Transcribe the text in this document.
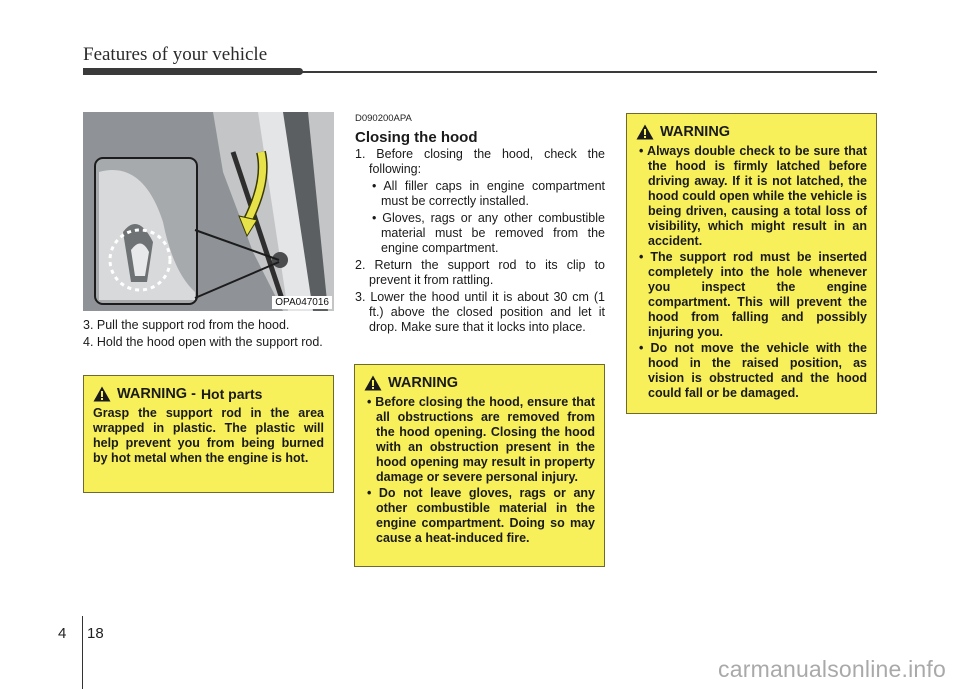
Features of your vehicle
OPA047016

3. Pull the support rod from the hood.

4. Hold the hood open with the support rod.

WARNING - Hot parts
Grasp the support rod in the area wrapped in plastic. The plastic will help prevent you from being burned by hot metal when the engine is hot.
D090200APA
Closing the hood

1. Before closing the hood, check the following:

• All filler caps in engine compartment must be correctly installed.

• Gloves, rags or any other combustible material must be removed from the engine compartment.

2. Return the support rod to its clip to prevent it from rattling.

3. Lower the hood until it is about 30 cm (1 ft.) above the closed position and let it drop. Make sure that it locks into place.

WARNING

• Before closing the hood, ensure that all obstructions are removed from the hood opening. Closing the hood with an obstruction present in the hood opening may result in property damage or severe personal injury.

• Do not leave gloves, rags or any other combustible material in the engine compartment. Doing so may cause a heat-induced fire.

WARNING

• Always double check to be sure that the hood is firmly latched before driving away. If it is not latched, the hood could open while the vehicle is being driven, causing a total loss of visibility, which might result in an accident.

• The support rod must be inserted completely into the hole whenever you inspect the engine compartment. This will prevent the hood from falling and possibly injuring you.

• Do not move the vehicle with the hood in the raised position, as vision is obstructed and the hood could fall or be damaged.

4 18
carmanualsonline.info
